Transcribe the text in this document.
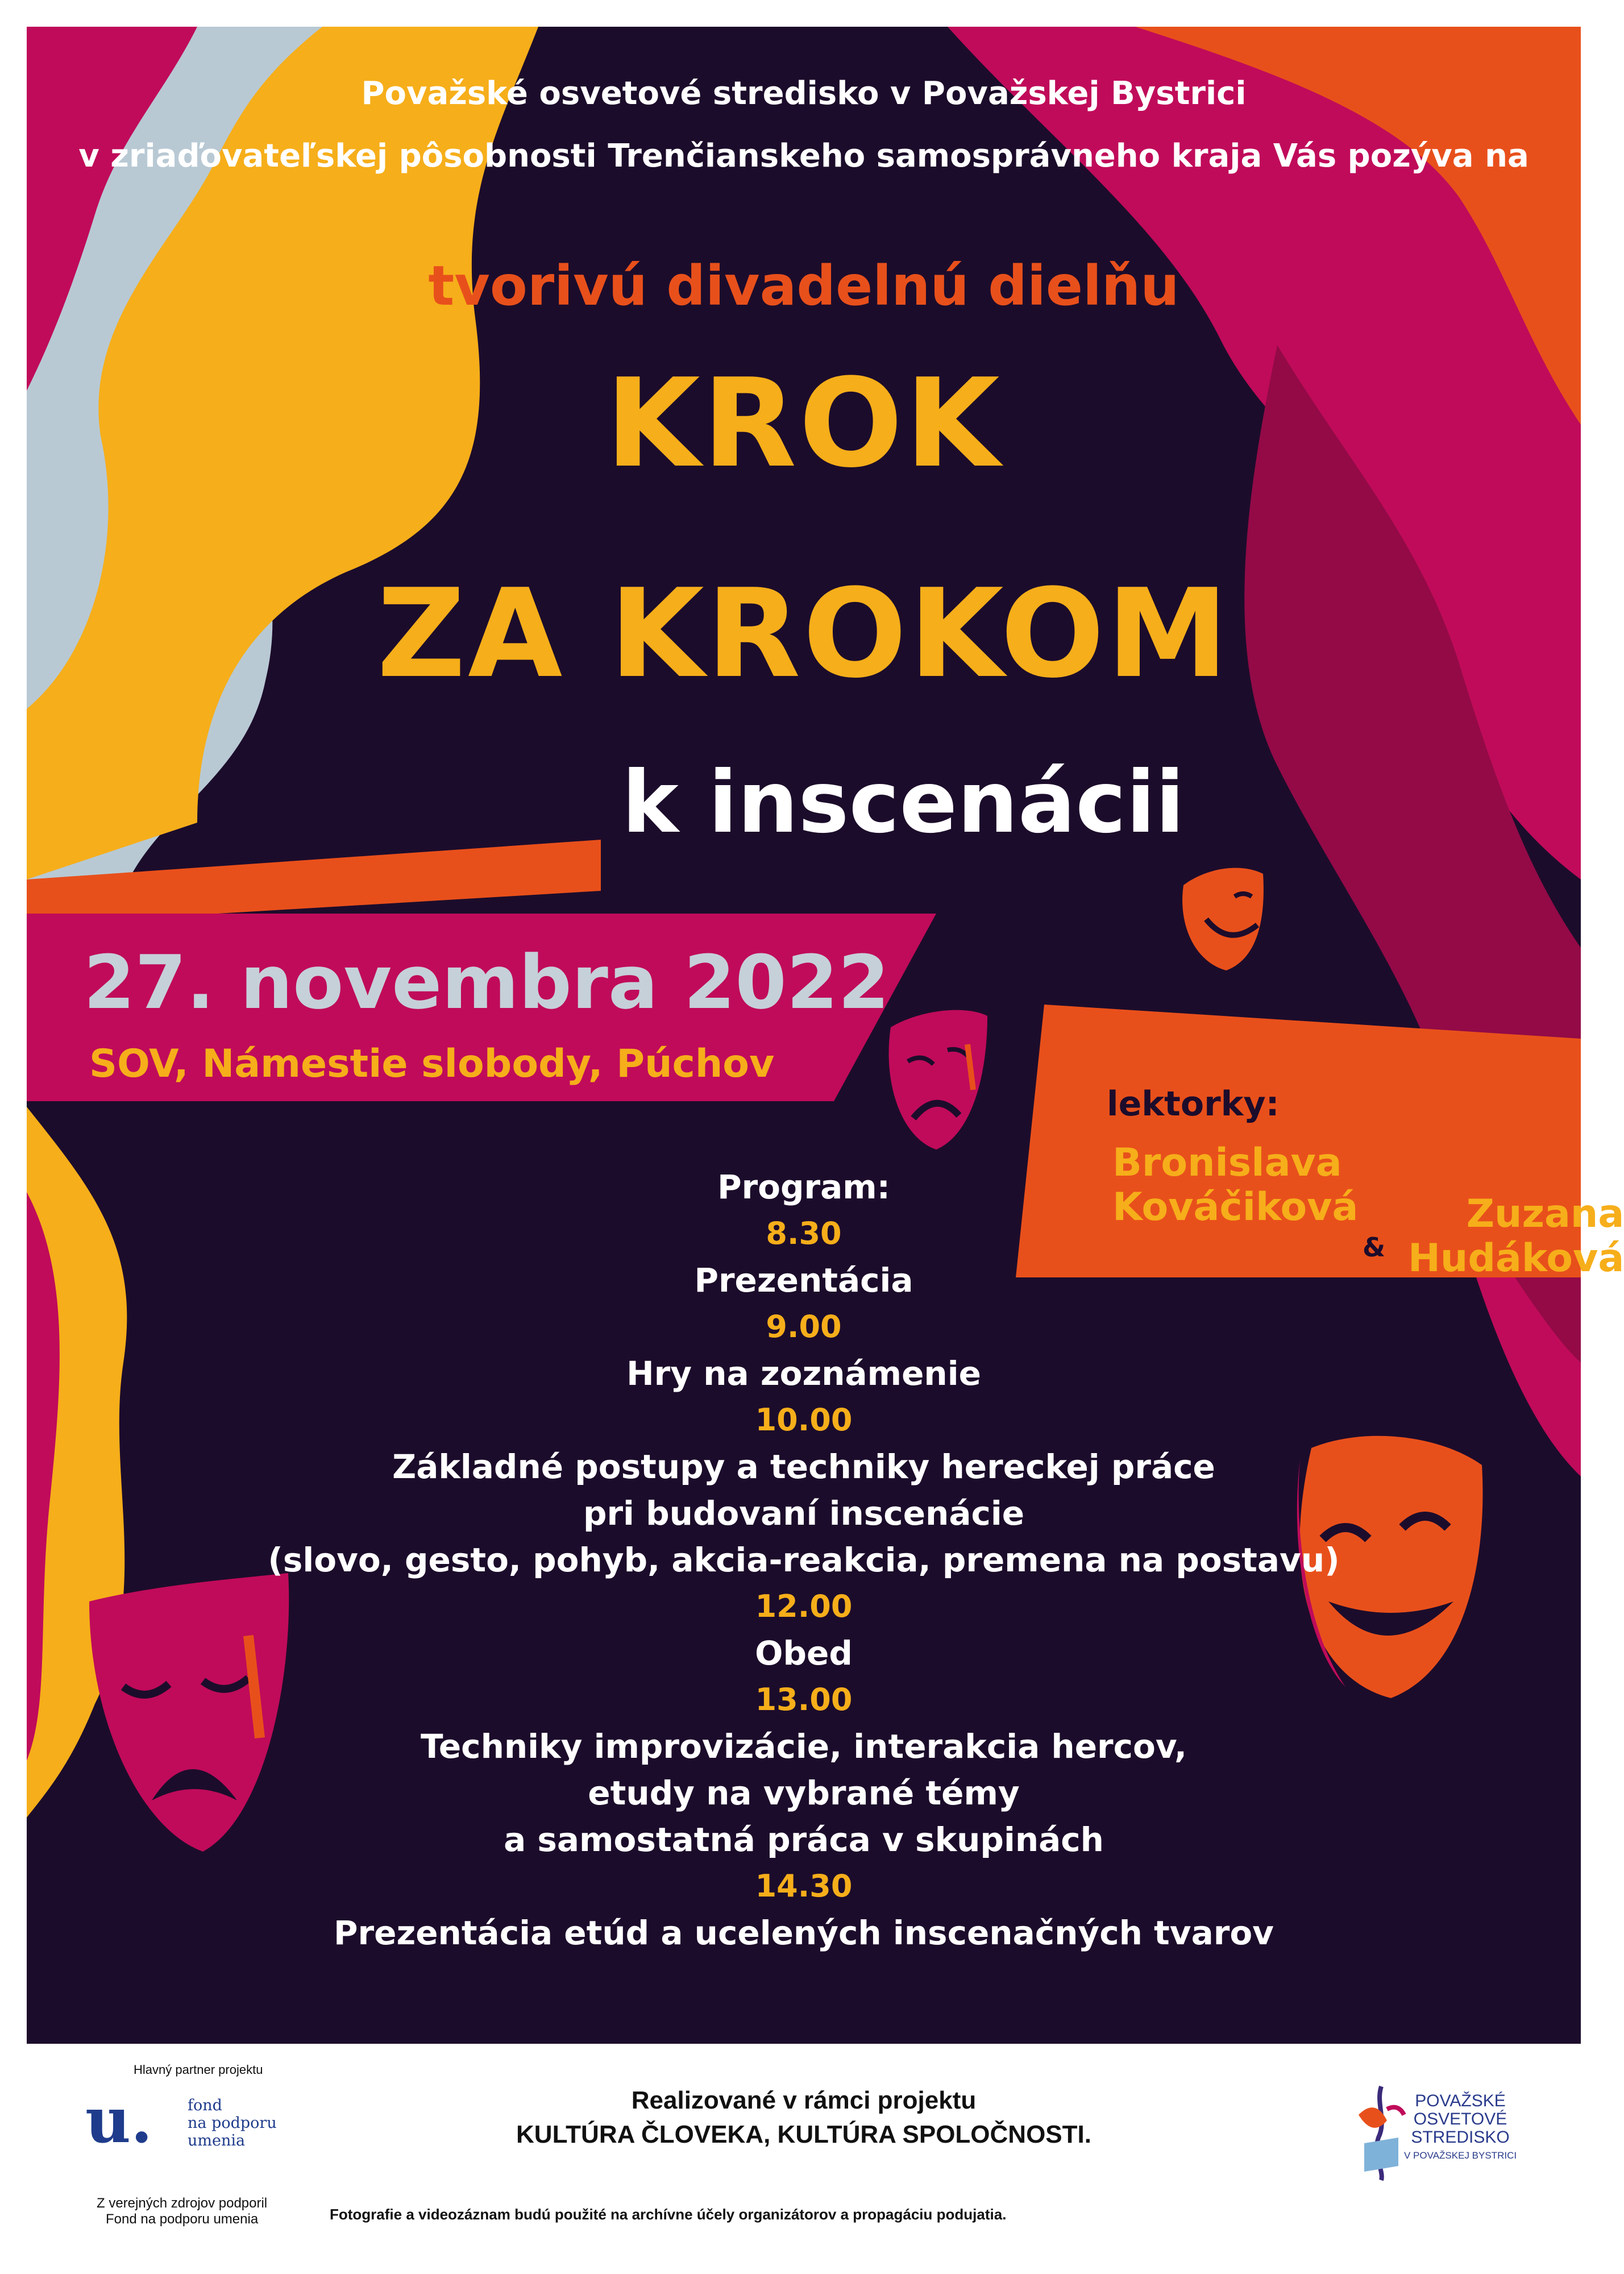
Považské osvetové stredisko v Považskej Bystrici
v zriaďovateľskej pôsobnosti Trenčianskeho samosprávneho kraja Vás pozýva na
tvorivú divadelnú dielňu
KROK
ZA KROKOM
k inscenácii
27. novembra 2022
SOV, Námestie slobody, Púchov
lektorky:
Bronislava
Kováčiková
&
Zuzana
Hudáková
Program:
8.30
Prezentácia
9.00
Hry na zoznámenie
10.00
Základné postupy a techniky hereckej práce
pri budovaní inscenácie
(slovo, gesto, pohyb, akcia-reakcia, premena na postavu)
12.00
Obed
13.00
Techniky improvizácie, interakcia hercov,
etudy na vybrané témy
a samostatná práca v skupinách
14.30
Prezentácia etúd a ucelených inscenačných tvarov
Hlavný partner projektu
u. fond
na podporu
umenia
Z verejných zdrojov podporil
Fond na podporu umenia
Realizované v rámci projektu
KULTÚRA ČLOVEKA, KULTÚRA SPOLOČNOSTI.
Fotografie a videozáznam budú použité na archívne účely organizátorov a propagáciu podujatia.
POVAŽSKÉ
OSVETOVÉ
STREDISKO
V POVAŽSKEJ BYSTRICI
